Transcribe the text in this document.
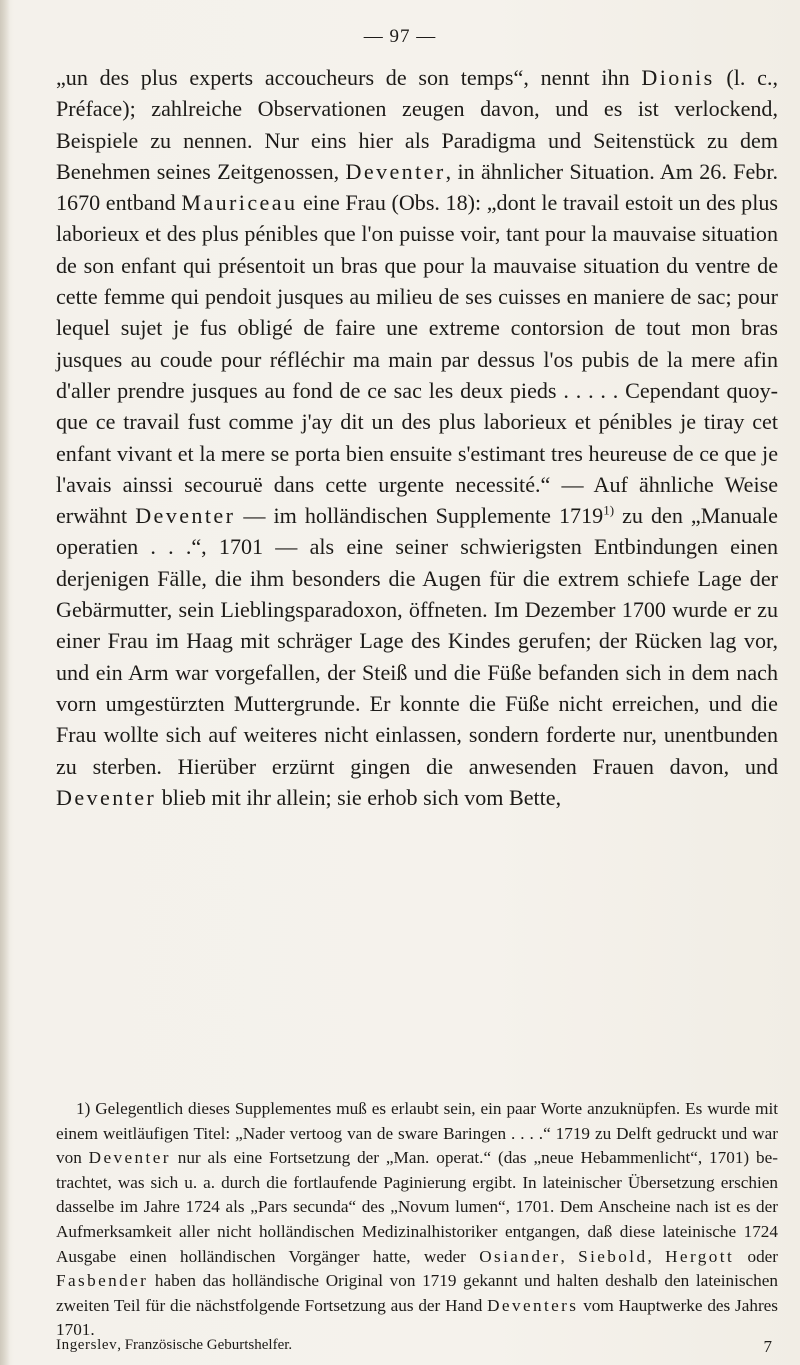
— 97 —

„un des plus experts accoucheurs de son temps“, nennt ihn Dionis (l. c., Préface); zahlreiche Observationen zeugen davon, und es ist verlockend, Beispiele zu nennen. Nur eins hier als Paradigma und Seitenstück zu dem Benehmen seines Zeitgenossen, Deventer, in ähnlicher Situation. Am 26. Febr. 1670 entband Mauriceau eine Frau (Obs. 18): „dont le travail estoit un des plus laborieux et des plus pénibles que l'on puisse voir, tant pour la mauvaise situation de son enfant qui présentoit un bras que pour la mauvaise situation du ventre de cette femme qui pendoit jusques au milieu de ses cuisses en maniere de sac; pour lequel sujet je fus obligé de faire une extreme contorsion de tout mon bras jusques au coude pour réfléchir ma main par dessus l'os pubis de la mere afin d'aller prendre jusques au fond de ce sac les deux pieds . . . . . Cependant quoy-que ce travail fust comme j'ay dit un des plus laborieux et pénibles je tiray cet enfant vivant et la mere se porta bien ensuite s'estimant tres heureuse de ce que je l'avais ainssi secouruë dans cette urgente necessité.“ — Auf ähnliche Weise erwähnt Deventer — im holländischen Supplemente 1719$^{1)}$ zu den „Manuale operatien . . .“, 1701 — als eine seiner schwierigsten Entbindungen einen derjenigen Fälle, die ihm besonders die Augen für die extrem schiefe Lage der Gebärmutter, sein Lieblingsparadoxon, öffneten. Im Dezember 1700 wurde er zu einer Frau im Haag mit schräger Lage des Kindes gerufen; der Rücken lag vor, und ein Arm war vorgefallen, der Steiß und die Füße befanden sich in dem nach vorn umgestürzten Muttergrunde. Er konnte die Füße nicht erreichen, und die Frau wollte sich auf weiteres nicht einlassen, sondern forderte nur, unentbunden zu sterben. Hierüber erzürnt gingen die anwesenden Frauen davon, und Deventer blieb mit ihr allein; sie erhob sich vom Bette,

1) Gelegentlich dieses Supplementes muß es erlaubt sein, ein paar Worte anzuknüpfen. Es wurde mit einem weitläufigen Titel: „Nader vertoog van de sware Baringen . . . .“ 1719 zu Delft gedruckt und war von Deventer nur als eine Fortsetzung der „Man. operat.“ (das „neue Hebammenlicht“, 1701) betrachtet, was sich u. a. durch die fortlaufende Paginierung ergibt. In lateinischer Übersetzung erschien dasselbe im Jahre 1724 als „Pars secunda“ des „Novum lumen“, 1701. Dem Anscheine nach ist es der Aufmerksamkeit aller nicht holländischen Medizinalhistoriker entgangen, daß diese lateinische 1724 Ausgabe einen holländischen Vorgänger hatte, weder Osiander, Siebold, Hergott oder Fasbender haben das holländische Original von 1719 gekannt und halten deshalb den lateinischen zweiten Teil für die nächstfolgende Fortsetzung aus der Hand Deventers vom Hauptwerke des Jahres 1701.

Ingerslev, Französische Geburtshelfer.	7
